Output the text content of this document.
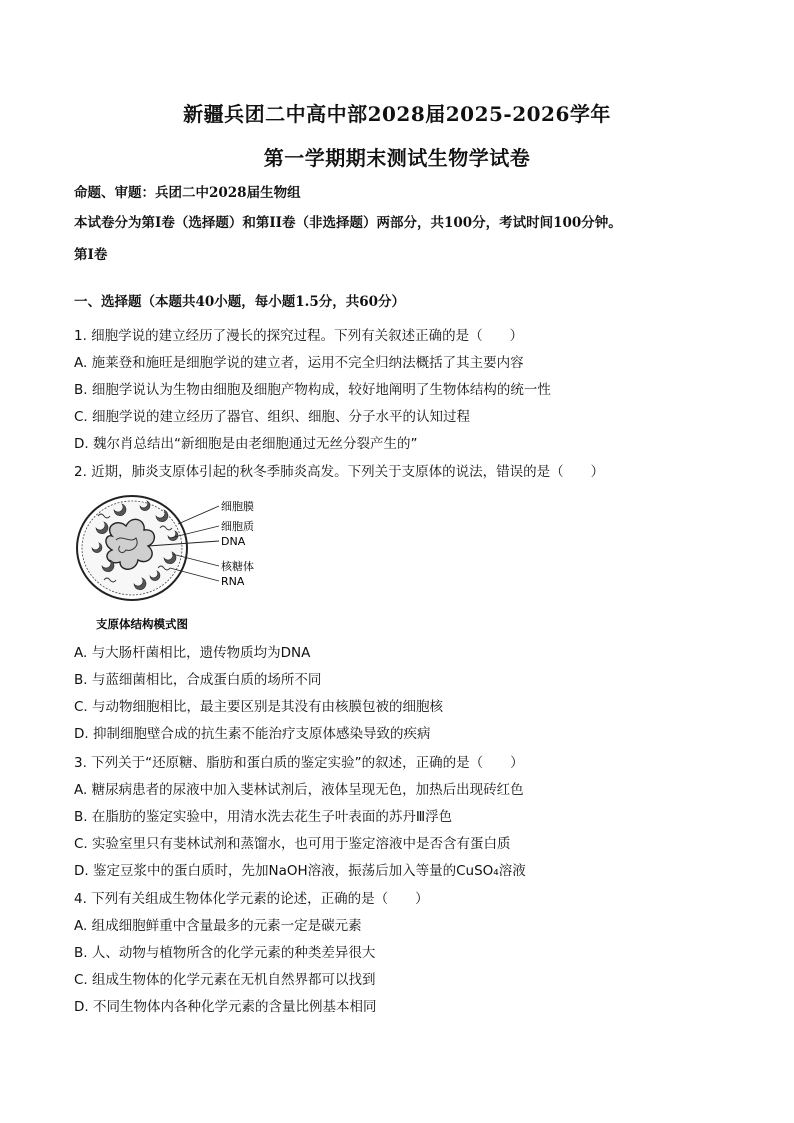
新疆兵团二中高中部2028届2025-2026学年
第一学期期末测试生物学试卷
命题、审题：兵团二中2028届生物组
本试卷分为第I卷（选择题）和第II卷（非选择题）两部分，共100分，考试时间100分钟。
第I卷
一、选择题（本题共40小题，每小题1.5分，共60分）
1. 细胞学说的建立经历了漫长的探究过程。下列有关叙述正确的是（　　）
A. 施莱登和施旺是细胞学说的建立者，运用不完全归纳法概括了其主要内容
B. 细胞学说认为生物由细胞及细胞产物构成，较好地阐明了生物体结构的统一性
C. 细胞学说的建立经历了器官、组织、细胞、分子水平的认知过程
D. 魏尔肖总结出“新细胞是由老细胞通过无丝分裂产生的”
2. 近期，肺炎支原体引起的秋冬季肺炎高发。下列关于支原体的说法，错误的是（　　）
细胞膜
细胞质
DNA
核糖体
RNA
支原体结构模式图
A. 与大肠杆菌相比，遗传物质均为DNA
B. 与蓝细菌相比，合成蛋白质的场所不同
C. 与动物细胞相比，最主要区别是其没有由核膜包被的细胞核
D. 抑制细胞壁合成的抗生素不能治疗支原体感染导致的疾病
3. 下列关于“还原糖、脂肪和蛋白质的鉴定实验”的叙述，正确的是（　　）
A. 糖尿病患者的尿液中加入斐林试剂后，液体呈现无色，加热后出现砖红色
B. 在脂肪的鉴定实验中，用清水洗去花生子叶表面的苏丹Ⅲ浮色
C. 实验室里只有斐林试剂和蒸馏水，也可用于鉴定溶液中是否含有蛋白质
D. 鉴定豆浆中的蛋白质时，先加NaOH溶液，振荡后加入等量的CuSO₄溶液
4. 下列有关组成生物体化学元素的论述，正确的是（　　）
A. 组成细胞鲜重中含量最多的元素一定是碳元素
B. 人、动物与植物所含的化学元素的种类差异很大
C. 组成生物体的化学元素在无机自然界都可以找到
D. 不同生物体内各种化学元素的含量比例基本相同
